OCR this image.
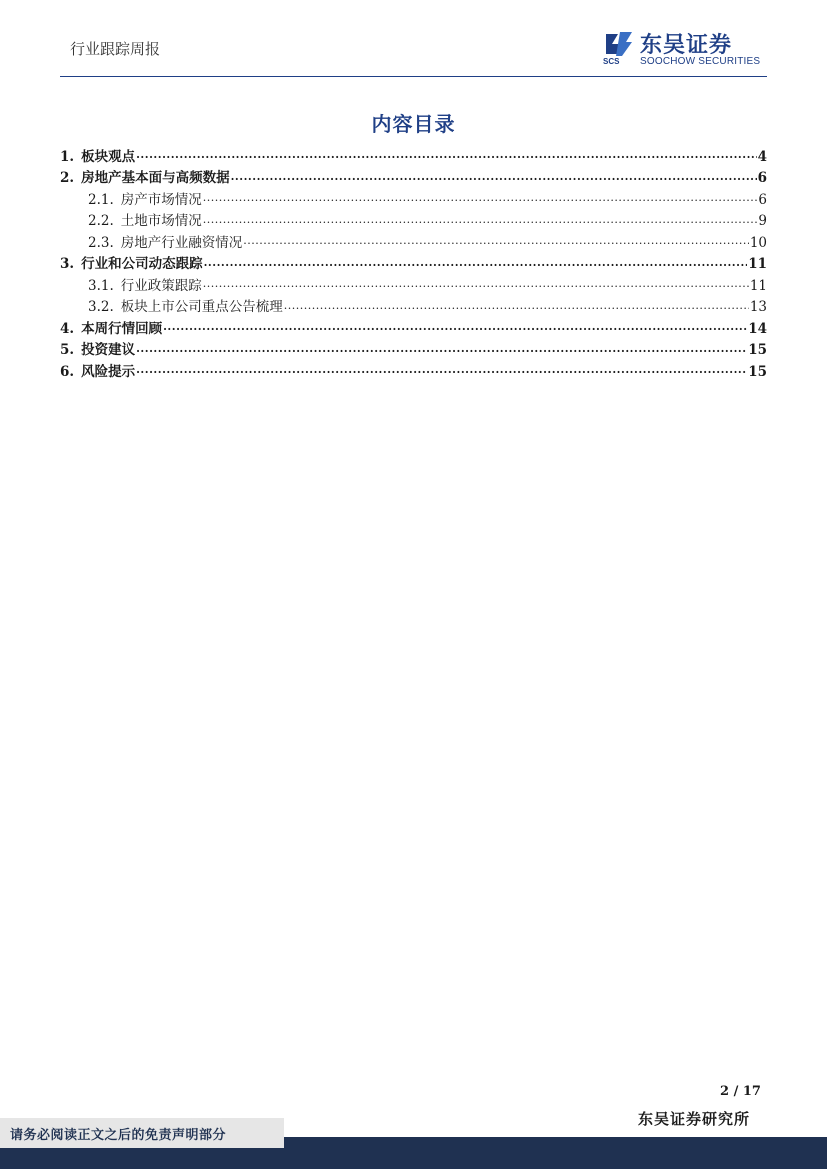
行业跟踪周报
SCS
东吴证券
SOOCHOW SECURITIES
内容目录
1. 板块观点 .....	4
2. 房地产基本面与高频数据 .....	6
2.1. 房产市场情况 .....	6
2.2. 土地市场情况 .....	9
2.3. 房地产行业融资情况 .....	10
3. 行业和公司动态跟踪 .....	11
3.1. 行业政策跟踪 .....	11
3.2. 板块上市公司重点公告梳理 .....	13
4. 本周行情回顾 .....	14
5. 投资建议 .....	15
6. 风险提示 .....	15
2 / 17
东吴证券研究所
请务必阅读正文之后的免责声明部分
